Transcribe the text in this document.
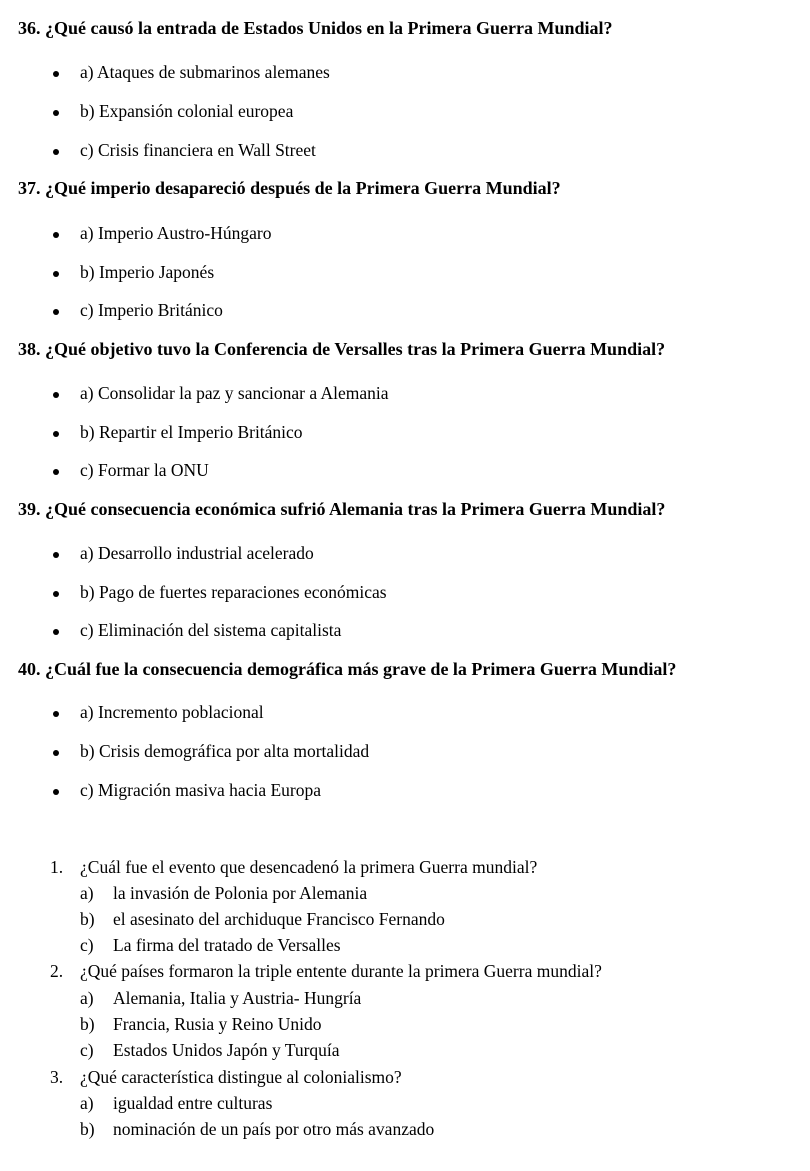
36. ¿Qué causó la entrada de Estados Unidos en la Primera Guerra Mundial?
a) Ataques de submarinos alemanes
b) Expansión colonial europea
c) Crisis financiera en Wall Street
37. ¿Qué imperio desapareció después de la Primera Guerra Mundial?
a) Imperio Austro-Húngaro
b) Imperio Japonés
c) Imperio Británico
38. ¿Qué objetivo tuvo la Conferencia de Versalles tras la Primera Guerra Mundial?
a) Consolidar la paz y sancionar a Alemania
b) Repartir el Imperio Británico
c) Formar la ONU
39. ¿Qué consecuencia económica sufrió Alemania tras la Primera Guerra Mundial?
a) Desarrollo industrial acelerado
b) Pago de fuertes reparaciones económicas
c) Eliminación del sistema capitalista
40. ¿Cuál fue la consecuencia demográfica más grave de la Primera Guerra Mundial?
a) Incremento poblacional
b) Crisis demográfica por alta mortalidad
c) Migración masiva hacia Europa
1. ¿Cuál fue el evento que desencadenó la primera Guerra mundial?
a) la invasión de Polonia por Alemania
b) el asesinato del archiduque Francisco Fernando
c) La firma del tratado de Versalles
2. ¿Qué países formaron la triple entente durante la primera Guerra mundial?
a) Alemania, Italia y Austria- Hungría
b) Francia, Rusia y Reino Unido
c) Estados Unidos Japón y Turquía
3. ¿Qué característica distingue al colonialismo?
a) igualdad entre culturas
b) nominación de un país por otro más avanzado
